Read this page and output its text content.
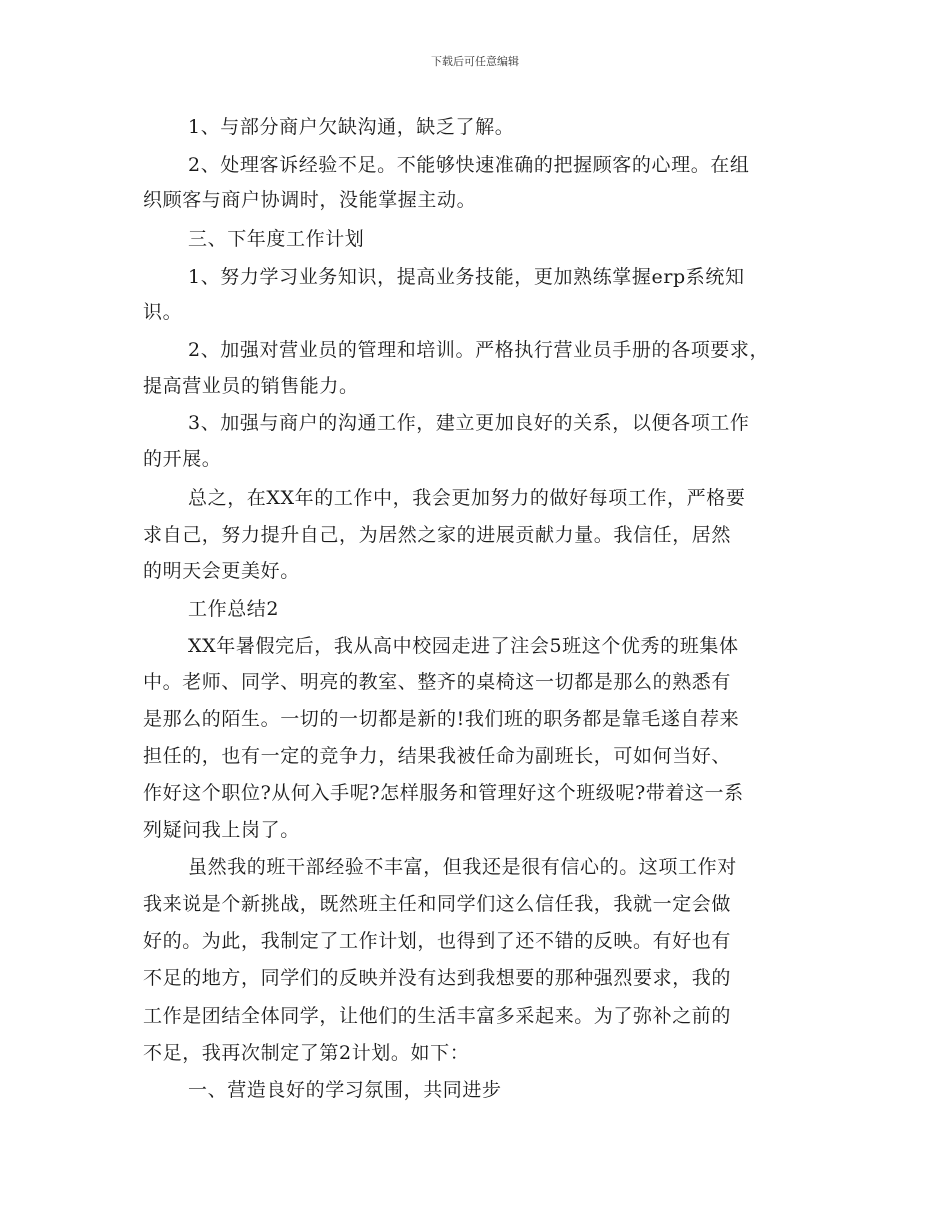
下载后可任意编辑
1、与部分商户欠缺沟通，缺乏了解。
2、处理客诉经验不足。不能够快速准确的把握顾客的心理。在组
织顾客与商户协调时，没能掌握主动。
三、下年度工作计划
1、努力学习业务知识，提高业务技能，更加熟练掌握erp系统知
识。
2、加强对营业员的管理和培训。严格执行营业员手册的各项要求，
提高营业员的销售能力。
3、加强与商户的沟通工作，建立更加良好的关系，以便各项工作
的开展。
总之，在XX年的工作中，我会更加努力的做好每项工作，严格要
求自己，努力提升自己，为居然之家的进展贡献力量。我信任，居然
的明天会更美好。
工作总结2
XX年暑假完后，我从高中校园走进了注会5班这个优秀的班集体
中。老师、同学、明亮的教室、整齐的桌椅这一切都是那么的熟悉有
是那么的陌生。一切的一切都是新的!我们班的职务都是靠毛遂自荐来
担任的，也有一定的竞争力，结果我被任命为副班长，可如何当好、
作好这个职位?从何入手呢?怎样服务和管理好这个班级呢?带着这一系
列疑问我上岗了。
虽然我的班干部经验不丰富，但我还是很有信心的。这项工作对
我来说是个新挑战，既然班主任和同学们这么信任我，我就一定会做
好的。为此，我制定了工作计划，也得到了还不错的反映。有好也有
不足的地方，同学们的反映并没有达到我想要的那种强烈要求，我的
工作是团结全体同学，让他们的生活丰富多采起来。为了弥补之前的
不足，我再次制定了第2计划。如下：
一、营造良好的学习氛围，共同进步
